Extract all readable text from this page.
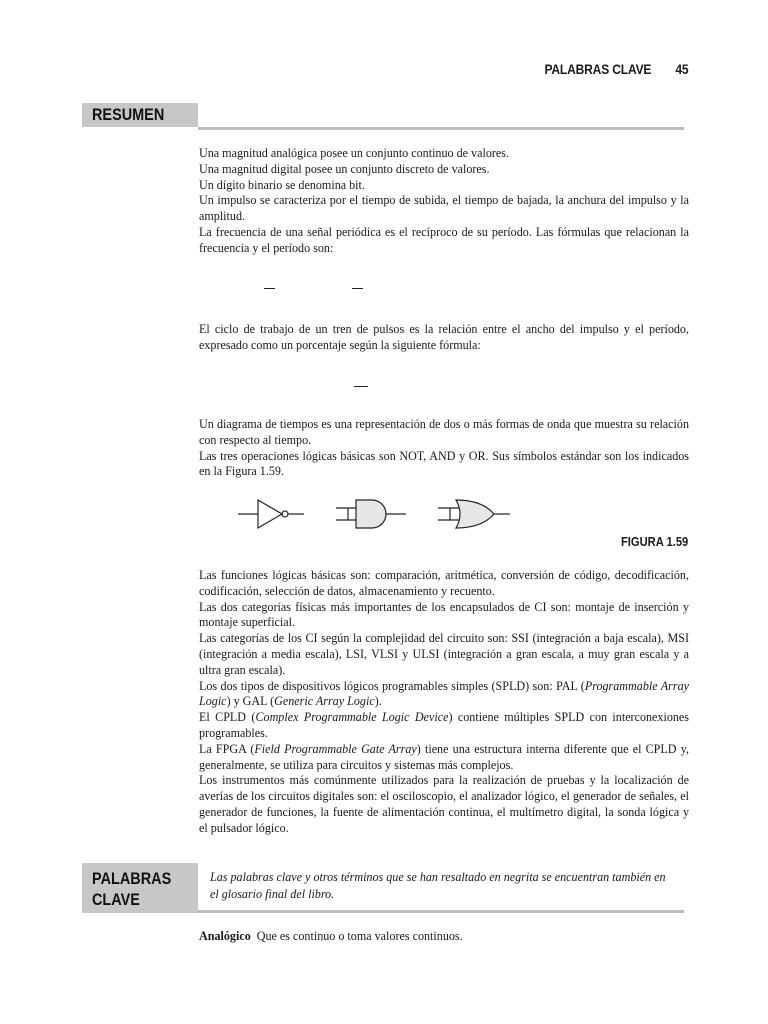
PALABRAS CLAVE 45
RESUMEN

Una magnitud analógica posee un conjunto continuo de valores.

Una magnitud digital posee un conjunto discreto de valores.

Un dígito binario se denomina bit.

Un impulso se caracteriza por el tiempo de subida, el tiempo de bajada, la anchura del impulso y la amplitud.

La frecuencia de una señal periódica es el recíproco de su período. Las fórmulas que relacionan la frecuencia y el período son:

El ciclo de trabajo de un tren de pulsos es la relación entre el ancho del impulso y el período, expresado como un porcentaje según la siguiente fórmula:

Un diagrama de tiempos es una representación de dos o más formas de onda que muestra su relación con respecto al tiempo.

Las tres operaciones lógicas básicas son NOT, AND y OR. Sus símbolos estándar son los indicados en la Figura 1.59.

FIGURA 1.59

Las funciones lógicas básicas son: comparación, aritmética, conversión de código, decodificación, codificación, selección de datos, almacenamiento y recuento.

Las dos categorías físicas más importantes de los encapsulados de CI son: montaje de inserción y montaje superficial.

Las categorías de los CI según la complejidad del circuito son: SSI (integración a baja escala), MSI (integración a media escala), LSI, VLSI y ULSI (integración a gran escala, a muy gran escala y a ultra gran escala).

Los dos tipos de dispositivos lógicos programables simples (SPLD) son: PAL (Programmable Array Logic) y GAL (Generic Array Logic).

El CPLD (Complex Programmable Logic Device) contiene múltiples SPLD con interconexiones programables.

La FPGA (Field Programmable Gate Array) tiene una estructura interna diferente que el CPLD y, generalmente, se utiliza para circuitos y sistemas más complejos.

Los instrumentos más comúnmente utilizados para la realización de pruebas y la localización de averías de los circuitos digitales son: el osciloscopio, el analizador lógico, el generador de señales, el generador de funciones, la fuente de alimentación continua, el multímetro digital, la sonda lógica y el pulsador lógico.

PALABRAS
CLAVE
Las palabras clave y otros términos que se han resaltado en negrita se encuentran también en el glosario final del libro.
Analógico Que es continuo o toma valores continuos.
